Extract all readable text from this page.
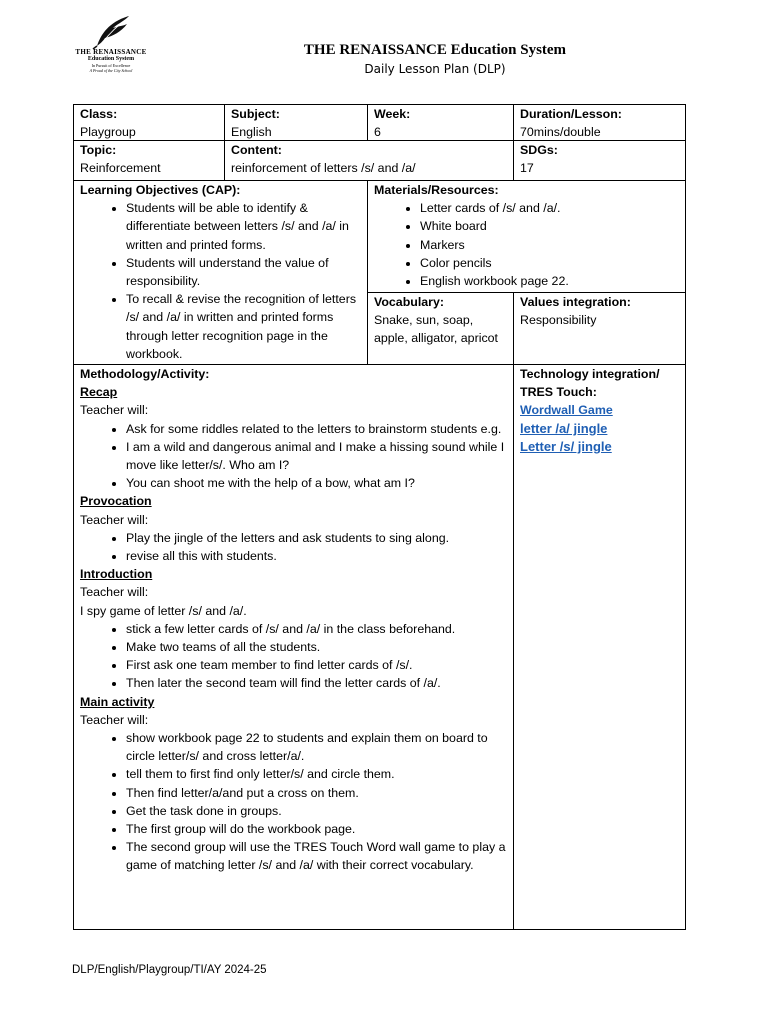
THE RENAISSANCE
Education System
In Pursuit of Excellence
A Proud of the City School
THE RENAISSANCE Education System
Daily Lesson Plan (DLP)
Class:
Playgroup
Subject:
English
Week:
6
Duration/Lesson:
70mins/double
Topic:
Reinforcement
Content:
reinforcement of letters /s/ and /a/
SDGs:
17
Learning Objectives (CAP):
• Students will be able to identify & differentiate between letters /s/ and /a/ in written and printed forms.
• Students will understand the value of responsibility.
• To recall & revise the recognition of letters /s/ and /a/ in written and printed forms through letter recognition page in the workbook.
Materials/Resources:
• Letter cards of /s/ and /a/.
• White board
• Markers
• Color pencils
• English workbook page 22.
Vocabulary:
Snake, sun, soap, apple, alligator, apricot
Values integration:
Responsibility
Methodology/Activity:
Recap
Teacher will:
• Ask for some riddles related to the letters to brainstorm students e.g.
• I am a wild and dangerous animal and I make a hissing sound while I move like letter/s/. Who am I?
• You can shoot me with the help of a bow, what am I?
Provocation
Teacher will:
• Play the jingle of the letters and ask students to sing along.
• revise all this with students.
Introduction
Teacher will:
I spy game of letter /s/ and /a/.
• stick a few letter cards of /s/ and /a/ in the class beforehand.
• Make two teams of all the students.
• First ask one team member to find letter cards of /s/.
• Then later the second team will find the letter cards of /a/.
Main activity
Teacher will:
• show workbook page 22 to students and explain them on board to circle letter/s/ and cross letter/a/.
• tell them to first find only letter/s/ and circle them.
• Then find letter/a/and put a cross on them.
• Get the task done in groups.
• The first group will do the workbook page.
• The second group will use the TRES Touch Word wall game to play a game of matching letter /s/ and /a/ with their correct vocabulary.
Technology integration/ TRES Touch:
Wordwall Game
letter /a/ jingle
Letter /s/ jingle
DLP/English/Playgroup/TI/AY 2024-25
